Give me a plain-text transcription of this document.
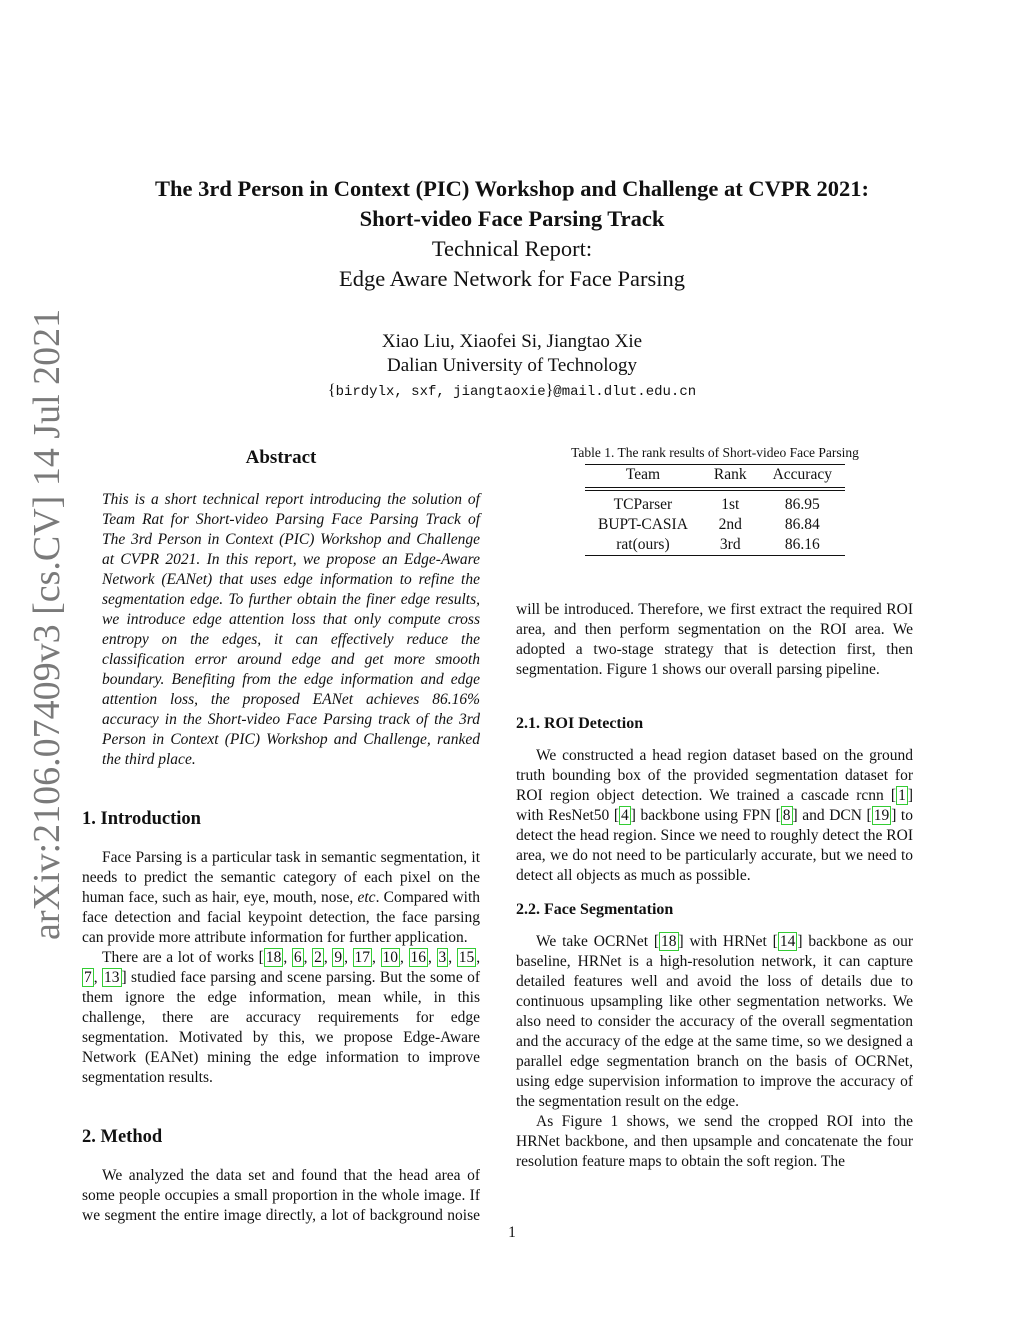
arXiv:2106.07409v3 [cs.CV] 14 Jul 2021
The 3rd Person in Context (PIC) Workshop and Challenge at CVPR 2021:
Short-video Face Parsing Track
Technical Report:
Edge Aware Network for Face Parsing
Xiao Liu, Xiaofei Si, Jiangtao Xie
Dalian University of Technology
{birdylx, sxf, jiangtaoxie}@mail.dlut.edu.cn
Abstract

This is a short technical report introducing the solution of Team Rat for Short-video Parsing Face Parsing Track of The 3rd Person in Context (PIC) Workshop and Challenge at CVPR 2021. In this report, we propose an Edge-Aware Network (EANet) that uses edge information to refine the segmentation edge. To further obtain the finer edge results, we introduce edge attention loss that only compute cross entropy on the edges, it can effectively reduce the classification error around edge and get more smooth boundary. Benefiting from the edge information and edge attention loss, the proposed EANet achieves 86.16% accuracy in the Short-video Face Parsing track of the 3rd Person in Context (PIC) Workshop and Challenge, ranked the third place.

1. Introduction

Face Parsing is a particular task in semantic segmentation, it needs to predict the semantic category of each pixel on the human face, such as hair, eye, mouth, nose, etc. Compared with face detection and facial keypoint detection, the face parsing can provide more attribute information for further application.

There are a lot of works [ 18 , 6 , 2 , 9 , 17 , 10 , 16 , 3 , 15 , 7 , 13 ] studied face parsing and scene parsing. But the some of them ignore the edge information, mean while, in this challenge, there are accuracy requirements for edge segmentation. Motivated by this, we propose Edge-Aware Network (EANet) mining the edge information to improve segmentation results.

2. Method

We analyzed the data set and found that the head area of some people occupies a small proportion in the whole image. If we segment the entire image directly, a lot of background noise

Table 1. The rank results of Short-video Face Parsing
Team	Rank	Accuracy
TCParser	1st	86.95
BUPT-CASIA	2nd	86.84
rat(ours)	3rd	86.16

will be introduced. Therefore, we first extract the required ROI area, and then perform segmentation on the ROI area. We adopted a two-stage strategy that is detection first, then segmentation. Figure 1 shows our overall parsing pipeline.

2.1. ROI Detection

We constructed a head region dataset based on the ground truth bounding box of the provided segmentation dataset for ROI region object detection. We trained a cascade rcnn [ 1 ] with ResNet50 [ 4 ] backbone using FPN [ 8 ] and DCN [ 19 ] to detect the head region. Since we need to roughly detect the ROI area, we do not need to be particularly accurate, but we need to detect all objects as much as possible.

2.2. Face Segmentation

We take OCRNet [ 18 ] with HRNet [ 14 ] backbone as our baseline, HRNet is a high-resolution network, it can capture detailed features well and avoid the loss of details due to continuous upsampling like other segmentation networks. We also need to consider the accuracy of the overall segmentation and the accuracy of the edge at the same time, so we designed a parallel edge segmentation branch on the basis of OCRNet, using edge supervision information to improve the accuracy of the segmentation result on the edge.

As Figure 1 shows, we send the cropped ROI into the HRNet backbone, and then upsample and concatenate the four resolution feature maps to obtain the soft region. The

1
